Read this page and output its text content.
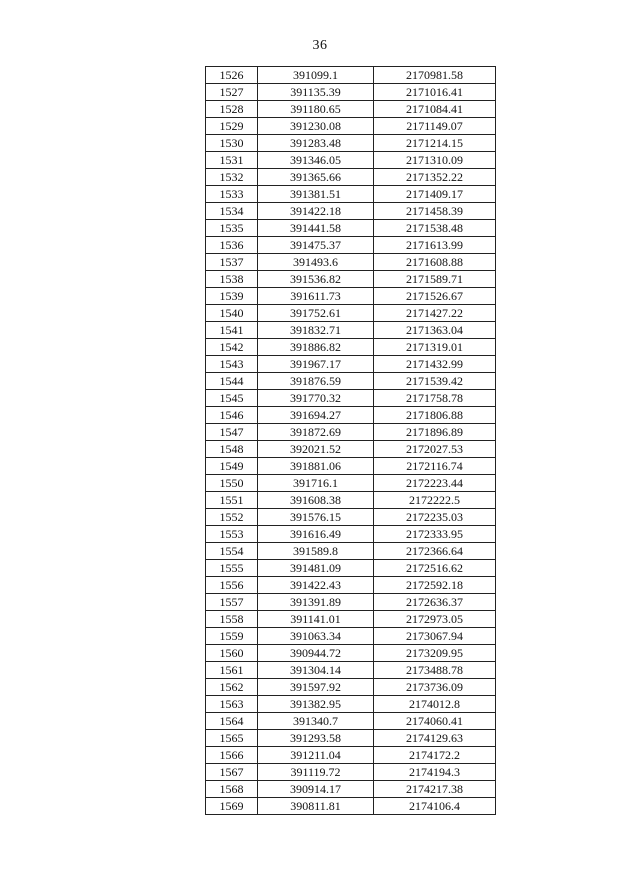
36
1526	391099.1	2170981.58
1527	391135.39	2171016.41
1528	391180.65	2171084.41
1529	391230.08	2171149.07
1530	391283.48	2171214.15
1531	391346.05	2171310.09
1532	391365.66	2171352.22
1533	391381.51	2171409.17
1534	391422.18	2171458.39
1535	391441.58	2171538.48
1536	391475.37	2171613.99
1537	391493.6	2171608.88
1538	391536.82	2171589.71
1539	391611.73	2171526.67
1540	391752.61	2171427.22
1541	391832.71	2171363.04
1542	391886.82	2171319.01
1543	391967.17	2171432.99
1544	391876.59	2171539.42
1545	391770.32	2171758.78
1546	391694.27	2171806.88
1547	391872.69	2171896.89
1548	392021.52	2172027.53
1549	391881.06	2172116.74
1550	391716.1	2172223.44
1551	391608.38	2172222.5
1552	391576.15	2172235.03
1553	391616.49	2172333.95
1554	391589.8	2172366.64
1555	391481.09	2172516.62
1556	391422.43	2172592.18
1557	391391.89	2172636.37
1558	391141.01	2172973.05
1559	391063.34	2173067.94
1560	390944.72	2173209.95
1561	391304.14	2173488.78
1562	391597.92	2173736.09
1563	391382.95	2174012.8
1564	391340.7	2174060.41
1565	391293.58	2174129.63
1566	391211.04	2174172.2
1567	391119.72	2174194.3
1568	390914.17	2174217.38
1569	390811.81	2174106.4
